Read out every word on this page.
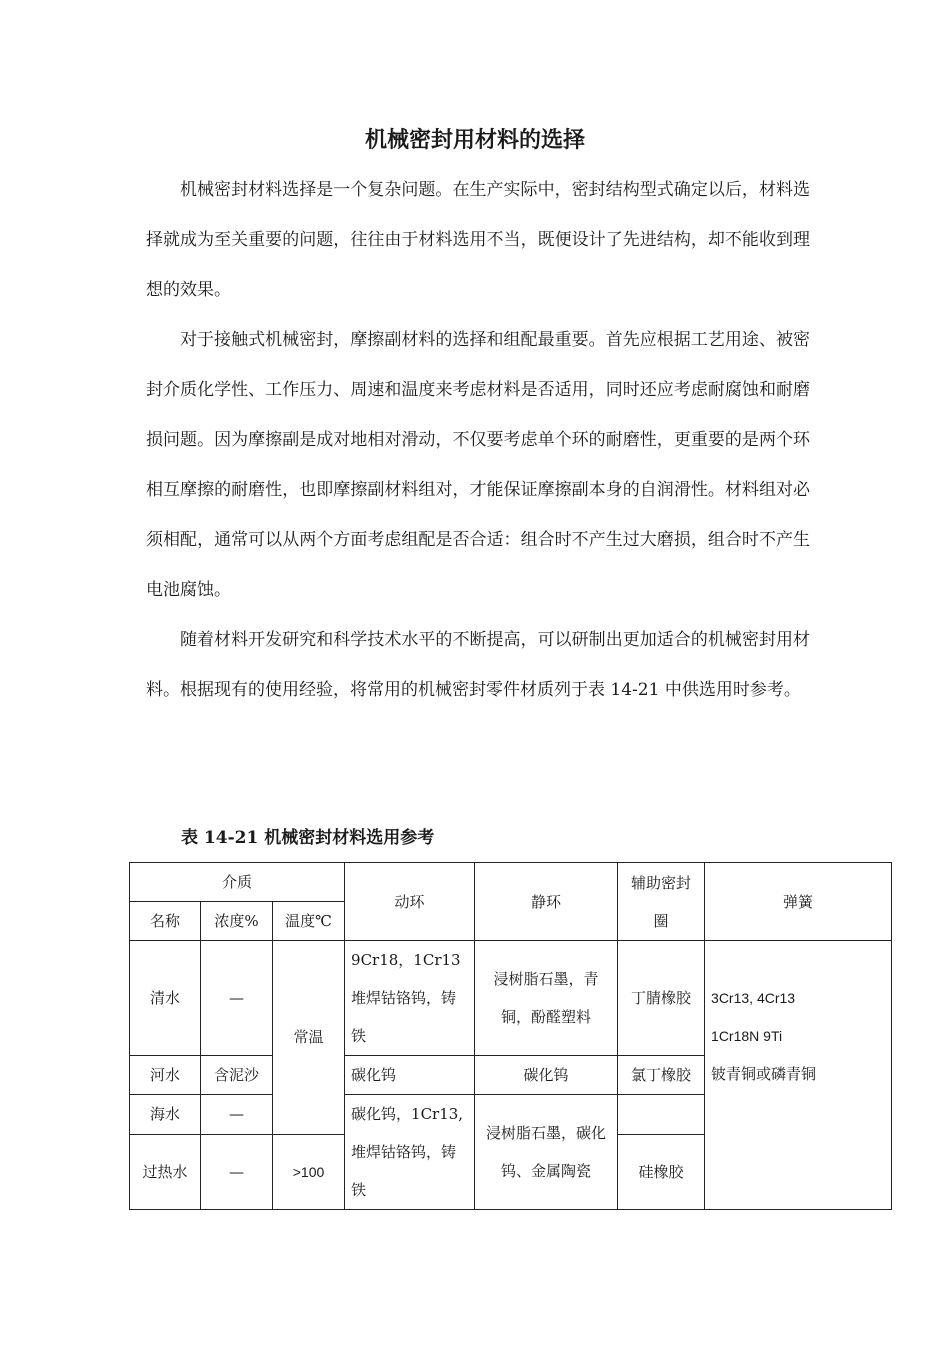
机械密封用材料的选择

机械密封材料选择是一个复杂问题。在生产实际中，密封结构型式确定以后，材料选择就成为至关重要的问题，往往由于材料选用不当，既便设计了先进结构，却不能收到理想的效果。

对于接触式机械密封，摩擦副材料的选择和组配最重要。首先应根据工艺用途、被密封介质化学性、工作压力、周速和温度来考虑材料是否适用，同时还应考虑耐腐蚀和耐磨损问题。因为摩擦副是成对地相对滑动，不仅要考虑单个环的耐磨性，更重要的是两个环相互摩擦的耐磨性，也即摩擦副材料组对，才能保证摩擦副本身的自润滑性。材料组对必须相配，通常可以从两个方面考虑组配是否合适：组合时不产生过大磨损，组合时不产生电池腐蚀。

随着材料开发研究和科学技术水平的不断提高，可以研制出更加适合的机械密封用材料。根据现有的使用经验，将常用的机械密封零件材质列于表 14-21 中供选用时参考。

表 14-21 机械密封材料选用参考
介质			动环	静环	辅助密封圈	弹簧
名称	浓度%	温度℃				
清水	—	常温	9Cr18，1Cr13 堆焊钴铬钨，铸铁	浸树脂石墨，青铜，酚醛塑料	丁腈橡胶	3Cr13, 4Cr13
1Cr18N 9Ti
铍青铜或磷青铜

河水	含泥沙		碳化钨	碳化钨	氯丁橡胶	
海水	—		碳化钨，1Cr13, 堆焊钴铬钨，铸铁	浸树脂石墨，碳化钨、金属陶瓷		
过热水	—	>100			硅橡胶	
